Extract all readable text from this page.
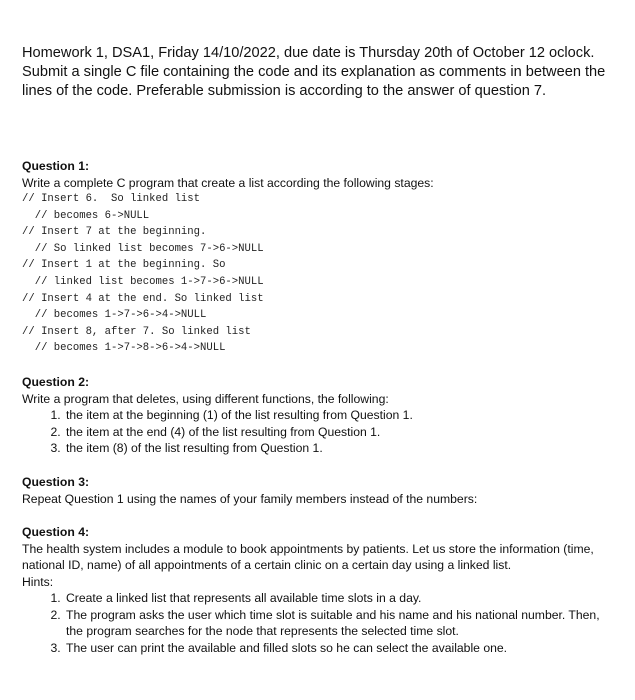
Homework 1, DSA1, Friday 14/10/2022, due date is Thursday 20th of October 12 oclock.

Submit a single C file containing the code and its explanation as comments in between the lines of the code. Preferable submission is according to the answer of question 7.

Question 1:

Write a complete C program that create a list according the following stages:

// Insert 6.  So linked list
// becomes 6->NULL
// Insert 7 at the beginning.
// So linked list becomes 7->6->NULL
// Insert 1 at the beginning. So
// linked list becomes 1->7->6->NULL
// Insert 4 at the end. So linked list
// becomes 1->7->6->4->NULL
// Insert 8, after 7. So linked list
// becomes 1->7->8->6->4->NULL
Question 2:

Write a program that deletes, using different functions, the following:

1. the item at the beginning (1) of the list resulting from Question 1.
2. the item at the end (4) of the list resulting from Question 1.
3. the item (8) of the list resulting from Question 1.
Question 3:

Repeat Question 1 using the names of your family members instead of the numbers:

Question 4:

The health system includes a module to book appointments by patients. Let us store the information (time, national ID, name) of all appointments of a certain clinic on a certain day using a linked list.

Hints:

1. Create a linked list that represents all available time slots in a day.
2. The program asks the user which time slot is suitable and his name and his national number. Then, the program searches for the node that represents the selected time slot.
3. The user can print the available and filled slots so he can select the available one.
